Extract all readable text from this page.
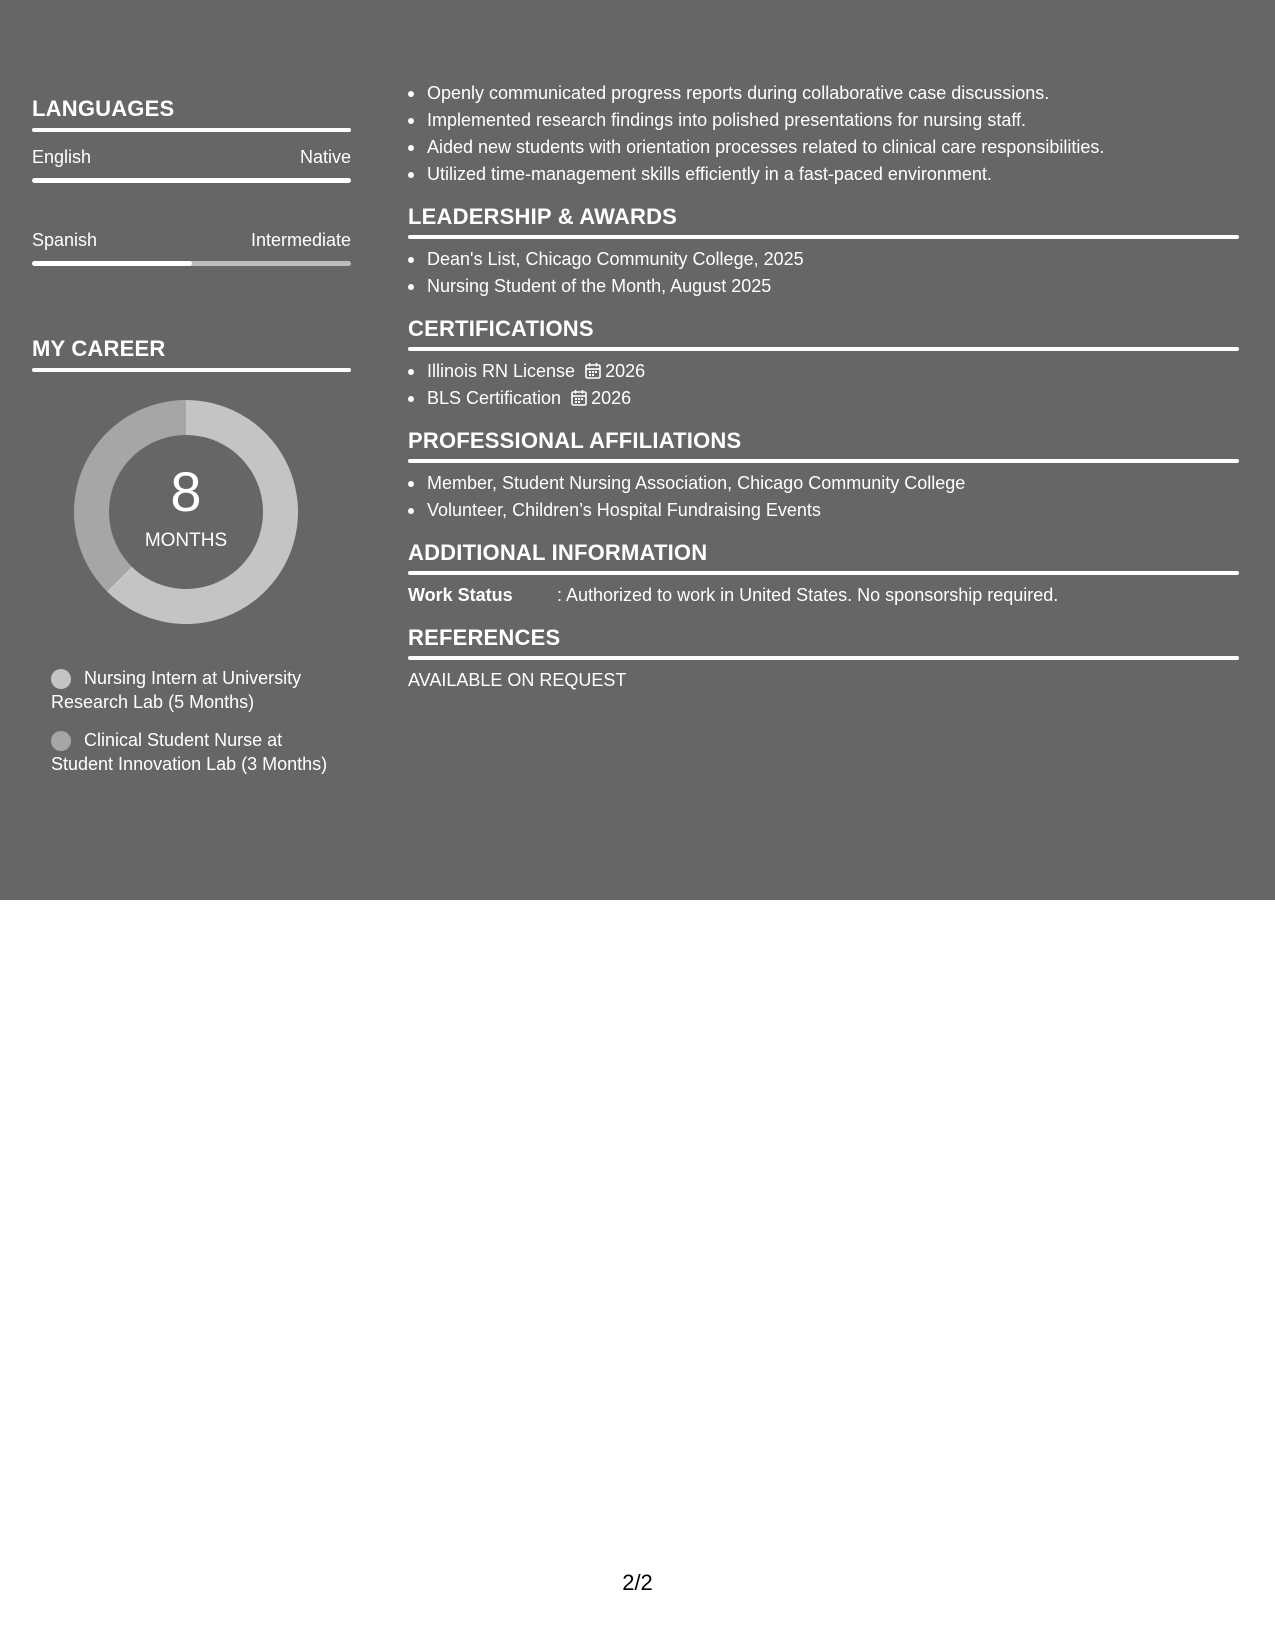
LANGUAGES
English	Native
Spanish	Intermediate
MY CAREER
8
MONTHS
Nursing Intern at University Research Lab (5 Months)
Clinical Student Nurse at Student Innovation Lab (3 Months)
Openly communicated progress reports during collaborative case discussions.
Implemented research findings into polished presentations for nursing staff.
Aided new students with orientation processes related to clinical care responsibilities.
Utilized time-management skills efficiently in a fast-paced environment.
LEADERSHIP & AWARDS
Dean's List, Chicago Community College, 2025
Nursing Student of the Month, August 2025
CERTIFICATIONS
Illinois RN License 2026
BLS Certification 2026
PROFESSIONAL AFFILIATIONS
Member, Student Nursing Association, Chicago Community College
Volunteer, Children’s Hospital Fundraising Events
ADDITIONAL INFORMATION
Work Status	: Authorized to work in United States. No sponsorship required.
REFERENCES
AVAILABLE ON REQUEST
2/2
